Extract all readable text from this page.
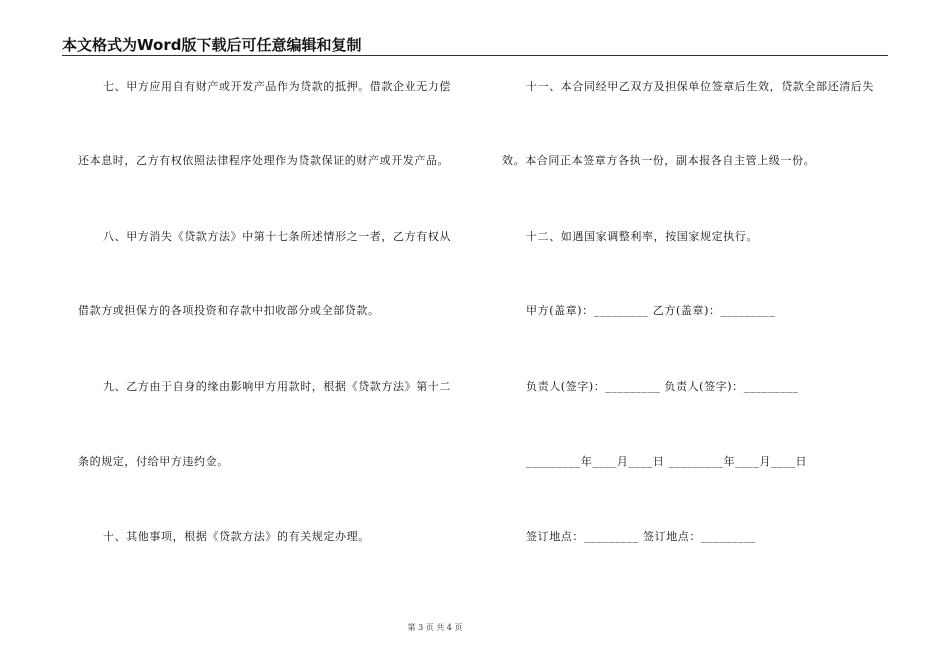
本文格式为Word版下载后可任意编辑和复制
七、甲方应用自有财产或开发产品作为贷款的抵押。借款企业无力偿
还本息时，乙方有权依照法律程序处理作为贷款保证的财产或开发产品。
八、甲方消失《贷款方法》中第十七条所述情形之一者，乙方有权从
借款方或担保方的各项投资和存款中扣收部分或全部贷款。
九、乙方由于自身的缘由影响甲方用款时，根据《贷款方法》第十二
条的规定，付给甲方违约金。
十、其他事项，根据《贷款方法》的有关规定办理。
十一、本合同经甲乙双方及担保单位签章后生效，贷款全部还清后失
效。本合同正本签章方各执一份，副本报各自主管上级一份。
十二、如遇国家调整利率，按国家规定执行。
甲方(盖章)：_________ 乙方(盖章)：_________
负责人(签字)：_________ 负责人(签字)：_________
_________年____月____日 _________年____月____日
签订地点：_________ 签订地点：_________
第 3 页 共 4 页
